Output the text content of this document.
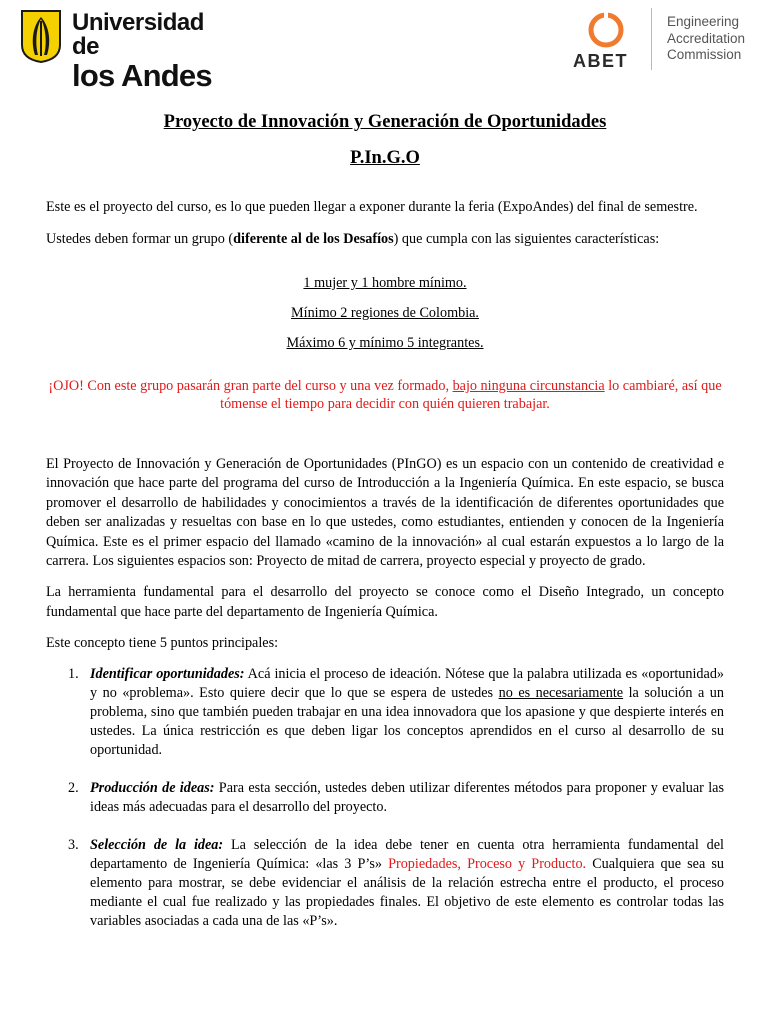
Universidad de
los Andes	ABET
Engineering
Accreditation
Commission
Proyecto de Innovación y Generación de Oportunidades
P.In.G.O

Este es el proyecto del curso, es lo que pueden llegar a exponer durante la feria (ExpoAndes) del final de semestre.

Ustedes deben formar un grupo (diferente al de los Desafíos) que cumpla con las siguientes características:

1 mujer y 1 hombre mínimo.
Mínimo 2 regiones de Colombia.
Máximo 6 y mínimo 5 integrantes.

¡OJO! Con este grupo pasarán gran parte del curso y una vez formado, bajo ninguna circunstancia lo cambiaré, así que tómense el tiempo para decidir con quién quieren trabajar.

El Proyecto de Innovación y Generación de Oportunidades (PInGO) es un espacio con un contenido de creatividad e innovación que hace parte del programa del curso de Introducción a la Ingeniería Química. En este espacio, se busca promover el desarrollo de habilidades y conocimientos a través de la identificación de diferentes oportunidades que deben ser analizadas y resueltas con base en lo que ustedes, como estudiantes, entienden y conocen de la Ingeniería Química. Este es el primer espacio del llamado «camino de la innovación» al cual estarán expuestos a lo largo de la carrera. Los siguientes espacios son: Proyecto de mitad de carrera, proyecto especial y proyecto de grado.

La herramienta fundamental para el desarrollo del proyecto se conoce como el Diseño Integrado, un concepto fundamental que hace parte del departamento de Ingeniería Química.

Este concepto tiene 5 puntos principales:

1. Identificar oportunidades: Acá inicia el proceso de ideación. Nótese que la palabra utilizada es «oportunidad» y no «problema». Esto quiere decir que lo que se espera de ustedes no es necesariamente la solución a un problema, sino que también pueden trabajar en una idea innovadora que los apasione y que despierte interés en ustedes. La única restricción es que deben ligar los conceptos aprendidos en el curso al desarrollo de su oportunidad.
2. Producción de ideas: Para esta sección, ustedes deben utilizar diferentes métodos para proponer y evaluar las ideas más adecuadas para el desarrollo del proyecto.
3. Selección de la idea: La selección de la idea debe tener en cuenta otra herramienta fundamental del departamento de Ingeniería Química: «las 3 P’s» Propiedades, Proceso y Producto. Cualquiera que sea su elemento para mostrar, se debe evidenciar el análisis de la relación estrecha entre el producto, el proceso mediante el cual fue realizado y las propiedades finales. El objetivo de este elemento es controlar todas las variables asociadas a cada una de las «P’s».
